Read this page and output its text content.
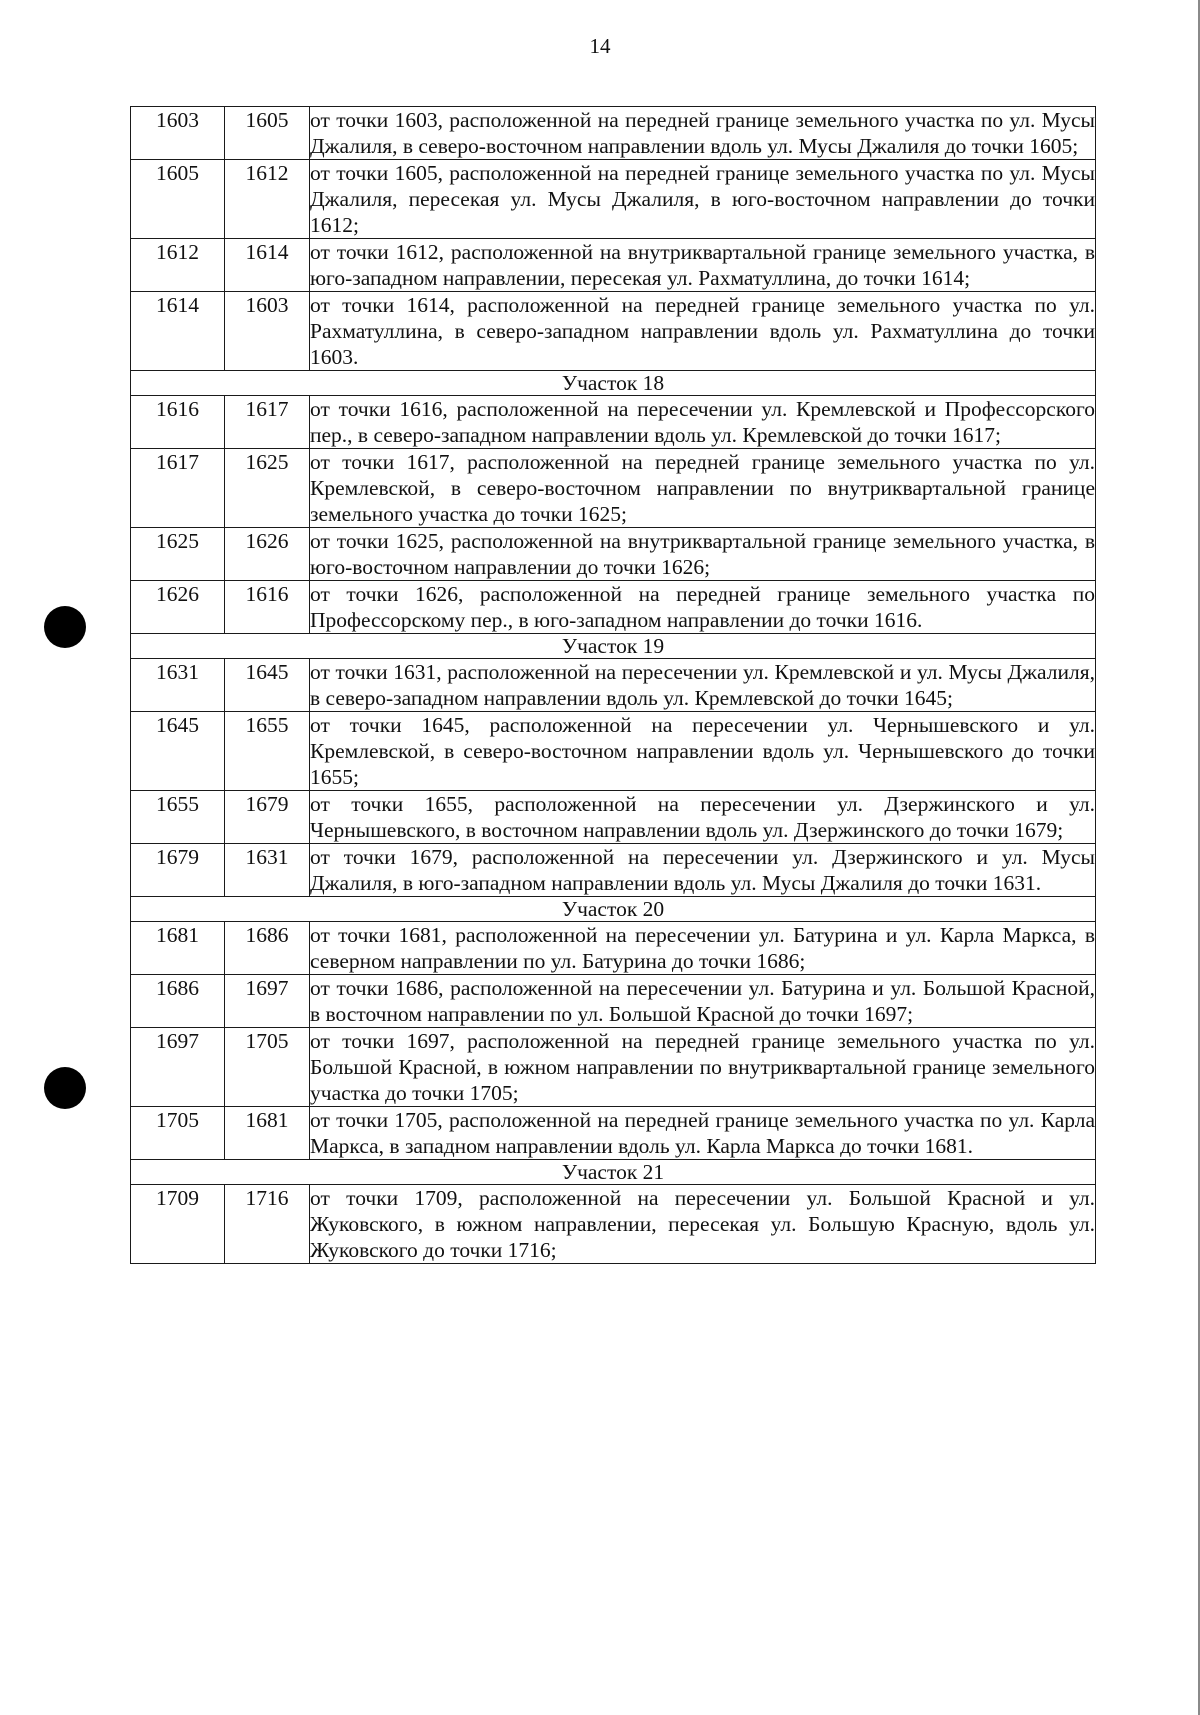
14
1603	1605	от точки 1603, расположенной на передней границе земельного участка по ул. Мусы Джалиля, в северо-восточном направлении вдоль ул. Мусы Джалиля до точки 1605;
1605	1612	от точки 1605, расположенной на передней границе земельного участка по ул. Мусы Джалиля, пересекая ул. Мусы Джалиля, в юго-восточном направлении до точки 1612;
1612	1614	от точки 1612, расположенной на внутриквартальной границе земельного участка, в юго-западном направлении, пересекая ул. Рахматуллина, до точки 1614;
1614	1603	от точки 1614, расположенной на передней границе земельного участка по ул. Рахматуллина, в северо-западном направлении вдоль ул. Рахматуллина до точки 1603.
Участок 18		
1616	1617	от точки 1616, расположенной на пересечении ул. Кремлевской и Профессорского пер., в северо-западном направлении вдоль ул. Кремлевской до точки 1617;
1617	1625	от точки 1617, расположенной на передней границе земельного участка по ул. Кремлевской, в северо-восточном направлении по внутриквартальной границе земельного участка до точки 1625;
1625	1626	от точки 1625, расположенной на внутриквартальной границе земельного участка, в юго-восточном направлении до точки 1626;
1626	1616	от точки 1626, расположенной на передней границе земельного участка по Профессорскому пер., в юго-западном направлении до точки 1616.
Участок 19		
1631	1645	от точки 1631, расположенной на пересечении ул. Кремлевской и ул. Мусы Джалиля, в северо-западном направлении вдоль ул. Кремлевской до точки 1645;
1645	1655	от точки 1645, расположенной на пересечении ул. Чернышевского и ул. Кремлевской, в северо-восточном направлении вдоль ул. Чернышевского до точки 1655;
1655	1679	от точки 1655, расположенной на пересечении ул. Дзержинского и ул. Чернышевского, в восточном направлении вдоль ул. Дзержинского до точки 1679;
1679	1631	от точки 1679, расположенной на пересечении ул. Дзержинского и ул. Мусы Джалиля, в юго-западном направлении вдоль ул. Мусы Джалиля до точки 1631.
Участок 20		
1681	1686	от точки 1681, расположенной на пересечении ул. Батурина и ул. Карла Маркса, в северном направлении по ул. Батурина до точки 1686;
1686	1697	от точки 1686, расположенной на пересечении ул. Батурина и ул. Большой Красной, в восточном направлении по ул. Большой Красной до точки 1697;
1697	1705	от точки 1697, расположенной на передней границе земельного участка по ул. Большой Красной, в южном направлении по внутриквартальной границе земельного участка до точки 1705;
1705	1681	от точки 1705, расположенной на передней границе земельного участка по ул. Карла Маркса, в западном направлении вдоль ул. Карла Маркса до точки 1681.
Участок 21		
1709	1716	от точки 1709, расположенной на пересечении ул. Большой Красной и ул. Жуковского, в южном направлении, пересекая ул. Большую Красную, вдоль ул. Жуковского до точки 1716;
